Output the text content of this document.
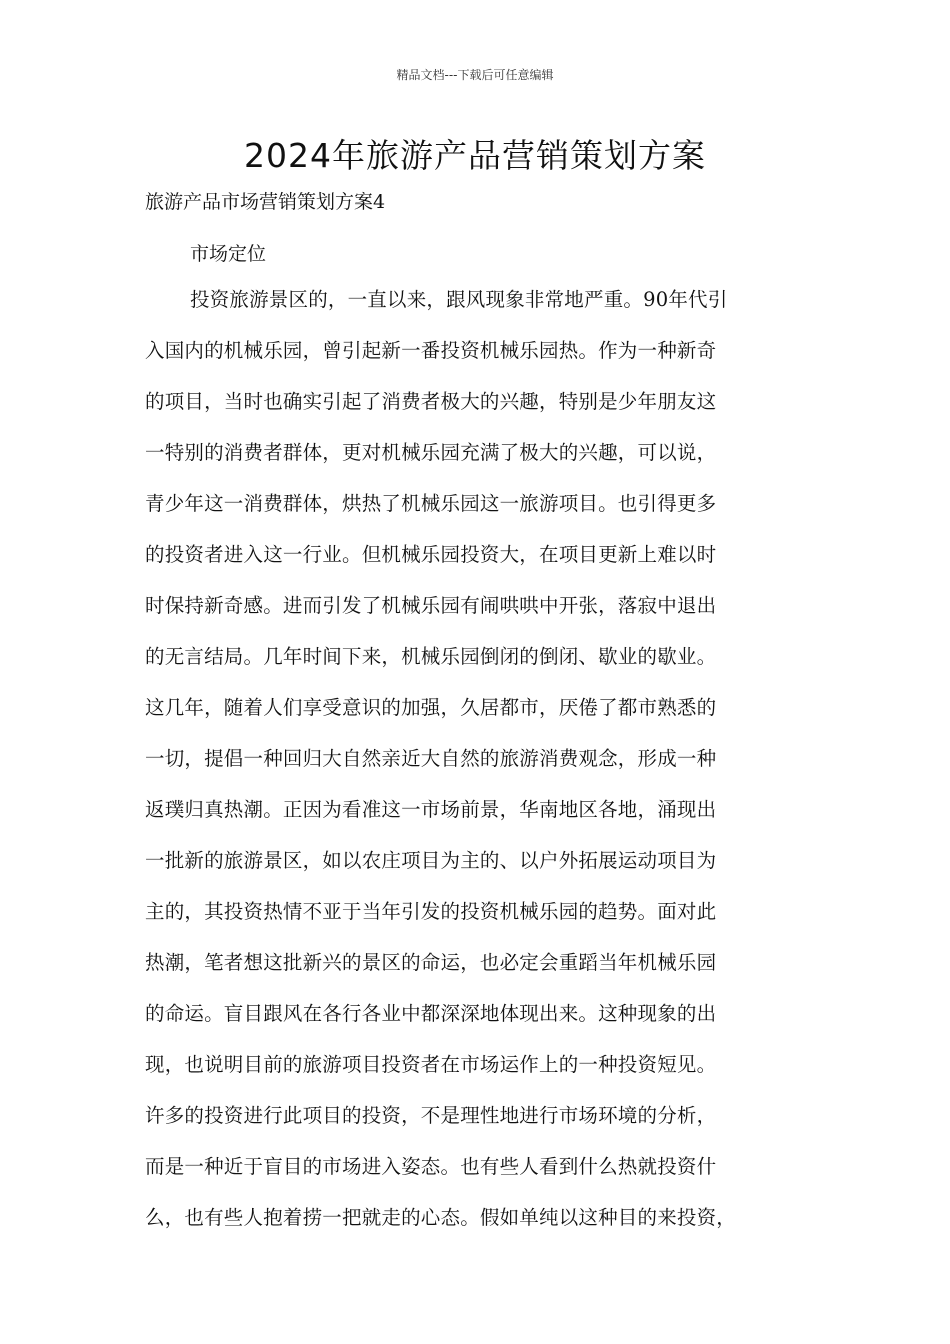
精品文档---下载后可任意编辑
2024年旅游产品营销策划方案
旅游产品市场营销策划方案4
市场定位
投资旅游景区的，一直以来，跟风现象非常地严重。90年代引
入国内的机械乐园，曾引起新一番投资机械乐园热。作为一种新奇
的项目，当时也确实引起了消费者极大的兴趣，特别是少年朋友这
一特别的消费者群体，更对机械乐园充满了极大的兴趣，可以说，
青少年这一消费群体，烘热了机械乐园这一旅游项目。也引得更多
的投资者进入这一行业。但机械乐园投资大，在项目更新上难以时
时保持新奇感。进而引发了机械乐园有闹哄哄中开张，落寂中退出
的无言结局。几年时间下来，机械乐园倒闭的倒闭、歇业的歇业。
这几年，随着人们享受意识的加强，久居都市，厌倦了都市熟悉的
一切，提倡一种回归大自然亲近大自然的旅游消费观念，形成一种
返璞归真热潮。正因为看准这一市场前景，华南地区各地，涌现出
一批新的旅游景区，如以农庄项目为主的、以户外拓展运动项目为
主的，其投资热情不亚于当年引发的投资机械乐园的趋势。面对此
热潮，笔者想这批新兴的景区的命运，也必定会重蹈当年机械乐园
的命运。盲目跟风在各行各业中都深深地体现出来。这种现象的出
现，也说明目前的旅游项目投资者在市场运作上的一种投资短见。
许多的投资进行此项目的投资，不是理性地进行市场环境的分析，
而是一种近于盲目的市场进入姿态。也有些人看到什么热就投资什
么，也有些人抱着捞一把就走的心态。假如单纯以这种目的来投资，
